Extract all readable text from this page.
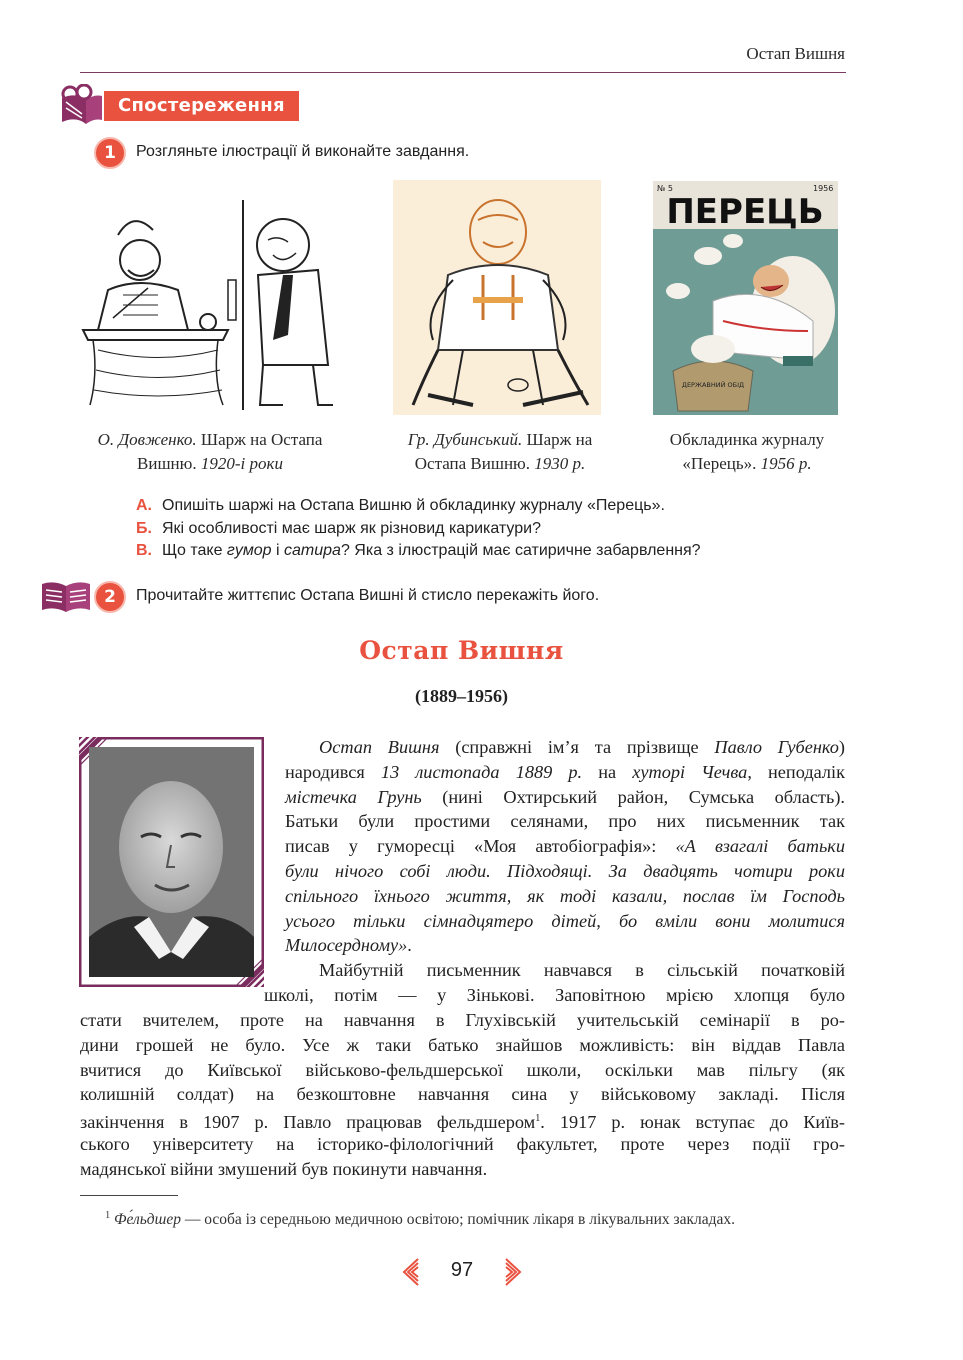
Остап Вишня
Спостереження
1	Розгляньте ілюстрації й виконайте завдання.
О. Довженко. Шарж на Остапа Вишню. 1920-і роки
Гр. Дубинський. Шарж на Остапа Вишню. 1930 р.
№ 5	1956
ПЕРЕЦЬ
ДЕРЖАВНИЙ ОБІД
Обкладинка журналу «Перець». 1956 р.
А. Опишіть шаржі на Остапа Вишню й обкладинку журналу «Перець».
Б. Які особливості має шарж як різновид карикатури?
В. Що таке гумор і сатира? Яка з ілюстрацій має сатиричне забарвлення?
2	Прочитайте життєпис Остапа Вишні й стисло перекажіть його.
Остап Вишня
(1889–1956)
Остап Вишня (справжні ім’я та прізвище Павло Губенко)
народився 13 листопада 1889 р. на хуторі Чечва, неподалік
містечка Грунь (нині Охтирський район, Сумська область).
Батьки були простими селянами, про них письменник так
писав у гуморесці «Моя автобіографія»: «А взагалі батьки
були нічого собі люди. Підходящі. За двадцять чотири роки
спільного їхнього життя, як тоді казали, послав їм Господь
усього тільки сімнадцятеро дітей, бо вміли вони молитися
Милосердному».
Майбутній письменник навчався в сільській початковій
школі, потім — у Зінькові. Заповітною мрією хлопця було
стати вчителем, проте на навчання в Глухівській учительській семінарії в ро-
дини грошей не було. Усе ж таки батько знайшов можливість: він віддав Павла
вчитися до Київської військово-фельдшерської школи, оскільки мав пільгу (як
колишній солдат) на безкоштовне навчання сина у військовому закладі. Після
закінчення в 1907 р. Павло працював фельдшером$^1$. 1917 р. юнак вступає до Київ-
ського університету на історико-філологічний факультет, проте через події гро-
мадянської війни змушений був покинути навчання.
$^1$ Фе́льдшер — особа із середньою медичною освітою; помічник лікаря в лікувальних закладах.
97
